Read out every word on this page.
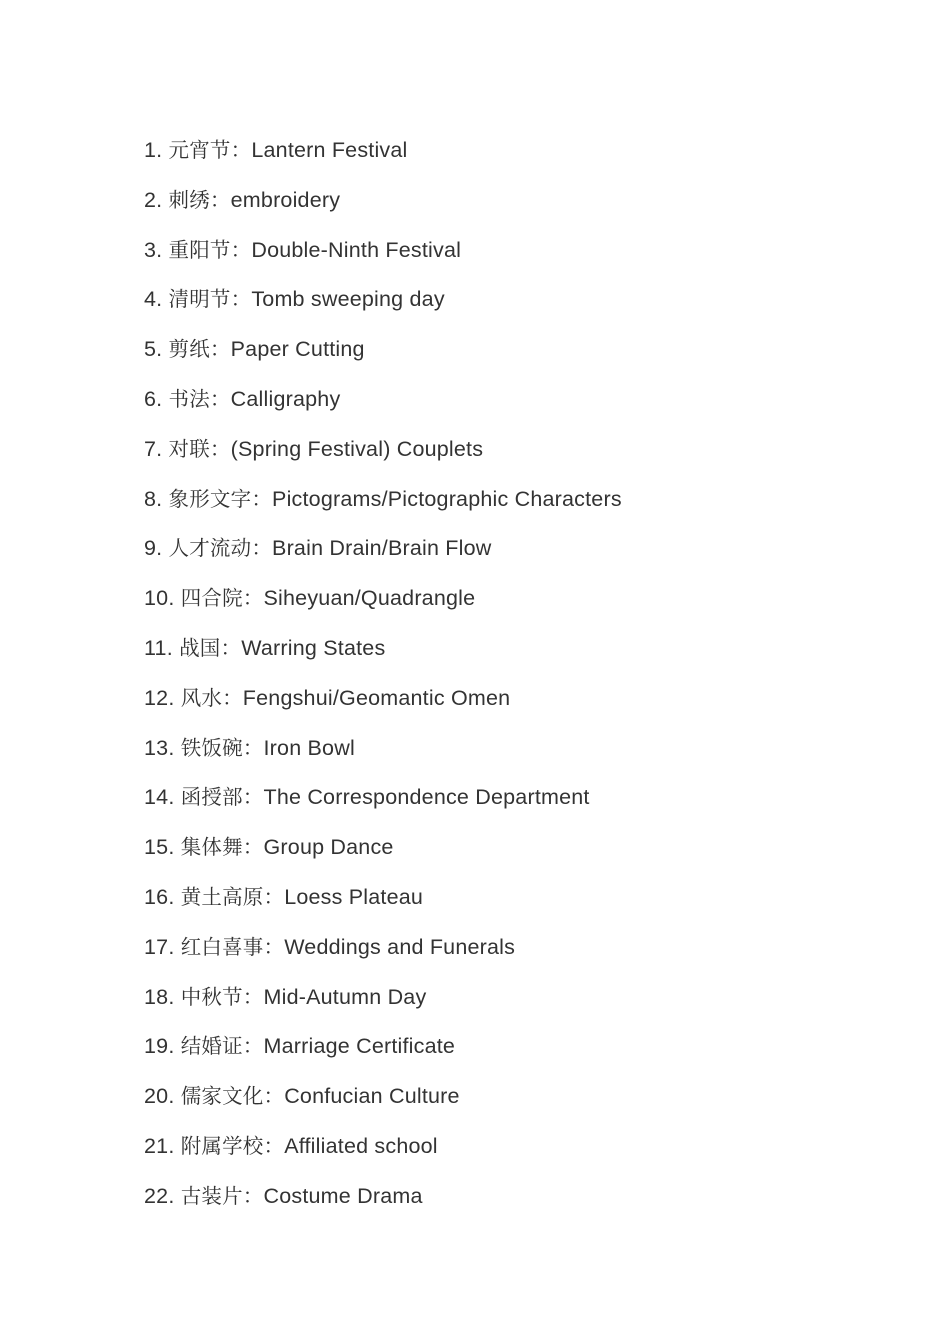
1. 元宵节：Lantern Festival
2. 刺绣：embroidery
3. 重阳节：Double-Ninth Festival
4. 清明节：Tomb sweeping day
5. 剪纸：Paper Cutting
6. 书法：Calligraphy
7. 对联：(Spring Festival) Couplets
8. 象形文字：Pictograms/Pictographic Characters
9. 人才流动：Brain Drain/Brain Flow
10. 四合院：Siheyuan/Quadrangle
11. 战国：Warring States
12. 风水：Fengshui/Geomantic Omen
13. 铁饭碗：Iron Bowl
14. 函授部：The Correspondence Department
15. 集体舞：Group Dance
16. 黄土高原：Loess Plateau
17. 红白喜事：Weddings and Funerals
18. 中秋节：Mid-Autumn Day
19. 结婚证：Marriage Certificate
20. 儒家文化：Confucian Culture
21. 附属学校：Affiliated school
22. 古装片：Costume Drama
